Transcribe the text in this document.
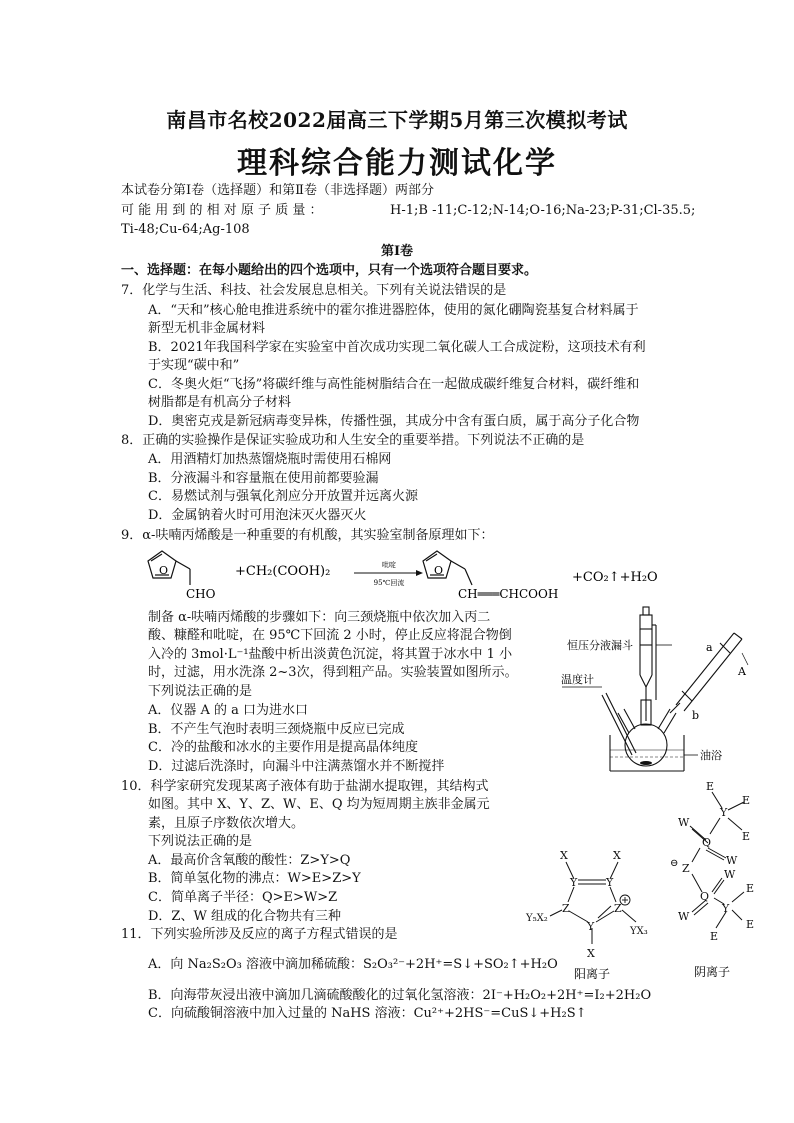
南昌市名校2022届高三下学期5月第三次模拟考试
理科综合能力测试化学
本试卷分第Ⅰ卷（选择题）和第Ⅱ卷（非选择题）两部分
可 能 用 到 的 相 对 原 子 质 量 ：	H-1;B -11;C-12;N-14;O-16;Na-23;P-31;Cl-35.5;
Ti-48;Cu-64;Ag-108
第Ⅰ卷
一、选择题：在每小题给出的四个选项中，只有一个选项符合题目要求。
7．化学与生活、科技、社会发展息息相关。下列有关说法错误的是
A．“天和”核心舱电推进系统中的霍尔推进器腔体，使用的氮化硼陶瓷基复合材料属于
新型无机非金属材料
B．2021年我国科学家在实验室中首次成功实现二氧化碳人工合成淀粉，这项技术有利
于实现“碳中和”
C．冬奥火炬“飞扬”将碳纤维与高性能树脂结合在一起做成碳纤维复合材料，碳纤维和
树脂都是有机高分子材料
D．奥密克戎是新冠病毒变异株，传播性强，其成分中含有蛋白质，属于高分子化合物
8．正确的实验操作是保证实验成功和人生安全的重要举措。下列说法不正确的是
A．用酒精灯加热蒸馏烧瓶时需使用石棉网
B．分液漏斗和容量瓶在使用前都要验漏
C．易燃试剂与强氧化剂应分开放置并远离火源
D．金属钠着火时可用泡沫灭火器灭火
9．α-呋喃丙烯酸是一种重要的有机酸，其实验室制备原理如下：
O
CHO
+CH₂(COOH)₂	吡啶
95℃回流
O
CH═══CHCOOH
+CO₂↑+H₂O
制备 α-呋喃丙烯酸的步骤如下：向三颈烧瓶中依次加入丙二
酸、糠醛和吡啶，在 95℃下回流 2 小时，停止反应将混合物倒
入冷的 3mol·L⁻¹盐酸中析出淡黄色沉淀，将其置于冰水中 1 小
时，过滤，用水洗涤 2~3次，得到粗产品。实验装置如图所示。
下列说法正确的是
A．仪器 A 的 a 口为进水口
B．不产生气泡时表明三颈烧瓶中反应已完成
C．冷的盐酸和冰水的主要作用是提高晶体纯度
D．过滤后洗涤时，向漏斗中注满蒸馏水并不断搅拌
恒压分液漏斗
温度计
油浴
A
a
b
10．科学家研究发现某离子液体有助于盐湖水提取锂，其结构式
如图。其中 X、Y、Z、W、E、Q 均为短周期主族非金属元
素，且原子序数依次增大。
下列说法正确的是
A．最高价含氧酸的酸性：Z>Y>Q
B．简单氢化物的沸点：W>E>Z>Y
C．简单离子半径：Q>E>W>Z
D．Z、W 组成的化合物共有三种
X	X
Y	Y
Z	Z
Y
X
Y₅X₂
YX₃
阳离子
E
E
Y
E
W
Q
W
Z
⊖
Q
W
W
Y
E
E
E
阴离子
11．下列实验所涉及反应的离子方程式错误的是
A．向 Na₂S₂O₃ 溶液中滴加稀硫酸：S₂O₃²⁻+2H⁺=S↓+SO₂↑+H₂O
B．向海带灰浸出液中滴加几滴硫酸酸化的过氧化氢溶液：2I⁻+H₂O₂+2H⁺=I₂+2H₂O
C．向硫酸铜溶液中加入过量的 NaHS 溶液：Cu²⁺+2HS⁻=CuS↓+H₂S↑
